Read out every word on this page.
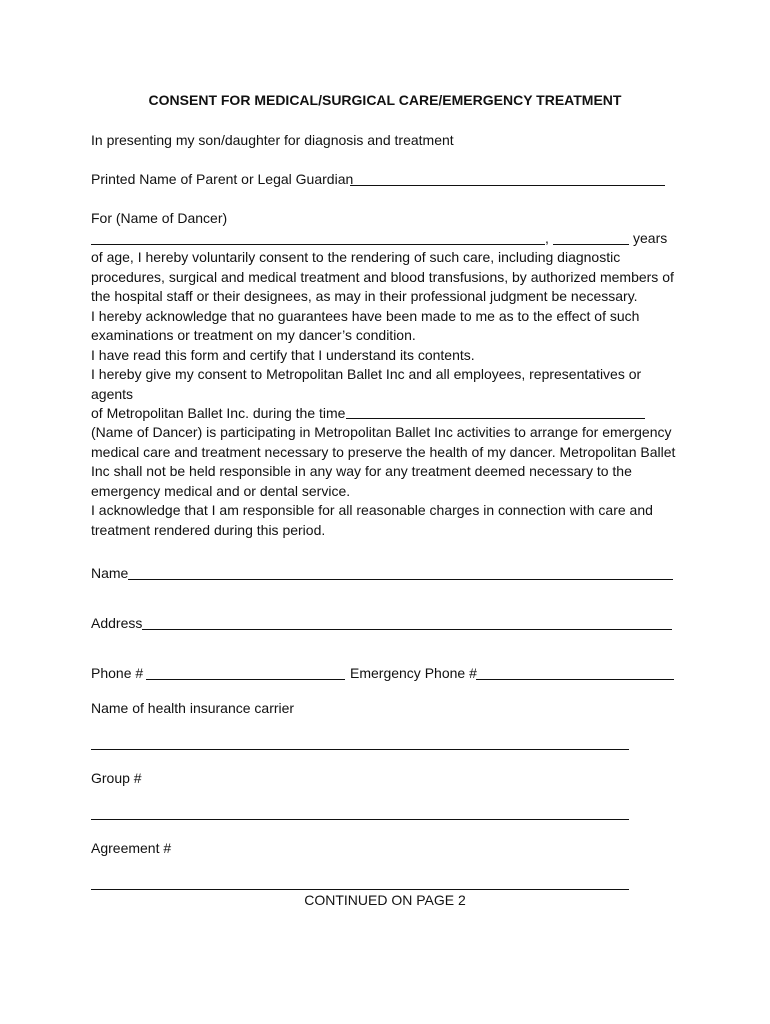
CONSENT FOR MEDICAL/SURGICAL CARE/EMERGENCY TREATMENT
In presenting my son/daughter for diagnosis and treatment
Printed Name of Parent or Legal Guardian
For (Name of Dancer)
,	years
of age, I hereby voluntarily consent to the rendering of such care, including diagnostic
procedures, surgical and medical treatment and blood transfusions, by authorized members of
the hospital staff or their designees, as may in their professional judgment be necessary.
I hereby acknowledge that no guarantees have been made to me as to the effect of such
examinations or treatment on my dancer’s condition.
I have read this form and certify that I understand its contents.
I hereby give my consent to Metropolitan Ballet Inc and all employees, representatives or
agents
of Metropolitan Ballet Inc. during the time
(Name of Dancer) is participating in Metropolitan Ballet Inc activities to arrange for emergency
medical care and treatment necessary to preserve the health of my dancer. Metropolitan Ballet
Inc shall not be held responsible in any way for any treatment deemed necessary to the
emergency medical and or dental service.
I acknowledge that I am responsible for all reasonable charges in connection with care and
treatment rendered during this period.
Name
Address
Phone #	Emergency Phone #
Name of health insurance carrier
Group #
Agreement #
CONTINUED ON PAGE 2
